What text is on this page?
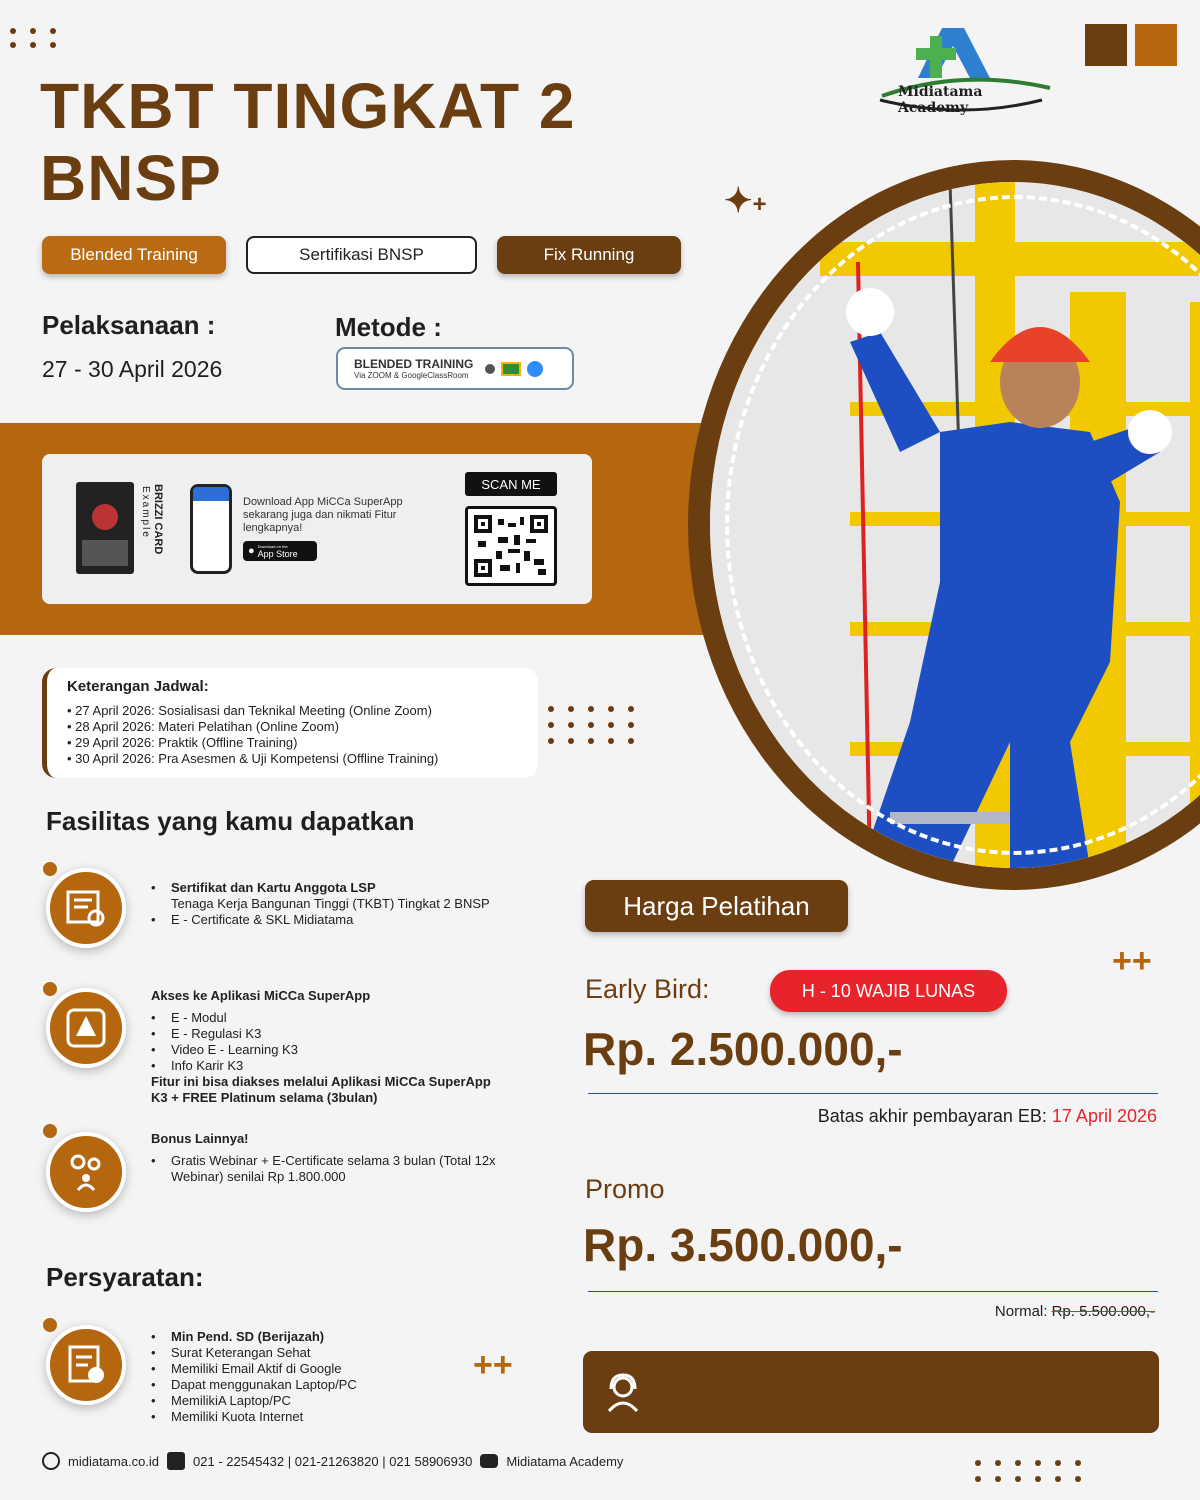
TKBT TINGKAT 2
BNSP
Midiatama Academy
Blended Training	Sertifikasi BNSP	Fix Running
Pelaksanaan :
27 - 30 April 2026
Metode :
BLENDED TRAINING
Via ZOOM & GoogleClassRoom
BRIZZI CARD
Example	Download App MiCCa SuperApp sekarang juga dan nikmati Fitur lengkapnya!
● Download on the
App Store
SCAN ME
✦+
++
++
Keterangan Jadwal:
• 27 April 2026: Sosialisasi dan Teknikal Meeting (Online Zoom)
• 28 April 2026: Materi Pelatihan (Online Zoom)
• 29 April 2026: Praktik (Offline Training)
• 30 April 2026: Pra Asesmen & Uji Kompetensi (Offline Training)
Fasilitas yang kamu dapatkan
• Sertifikat dan Kartu Anggota LSP
Tenaga Kerja Bangunan Tinggi (TKBT) Tingkat 2 BNSP
• E - Certificate & SKL Midiatama
Akses ke Aplikasi MiCCa SuperApp
• E - Modul
• E - Regulasi K3
• Video E - Learning K3
• Info Karir K3
Fitur ini bisa diakses melalui Aplikasi MiCCa SuperApp K3 + FREE Platinum selama (3bulan)
Bonus Lainnya!
• Gratis Webinar + E-Certificate selama 3 bulan (Total 12x Webinar) senilai Rp 1.800.000
Persyaratan:
• Min Pend. SD (Berijazah)
• Surat Keterangan Sehat
• Memiliki Email Aktif di Google
• Dapat menggunakan Laptop/PC
• MemilikiA Laptop/PC
• Memiliki Kuota Internet
Harga Pelatihan
Early Bird:	H - 10 WAJIB LUNAS
Rp. 2.500.000,-
Batas akhir pembayaran EB: 17 April 2026
Promo
Rp. 3.500.000,-
Normal: Rp. 5.500.000,-
midiatama.co.id	021 - 22545432 | 021-21263820 | 021 58906930	Midiatama Academy
